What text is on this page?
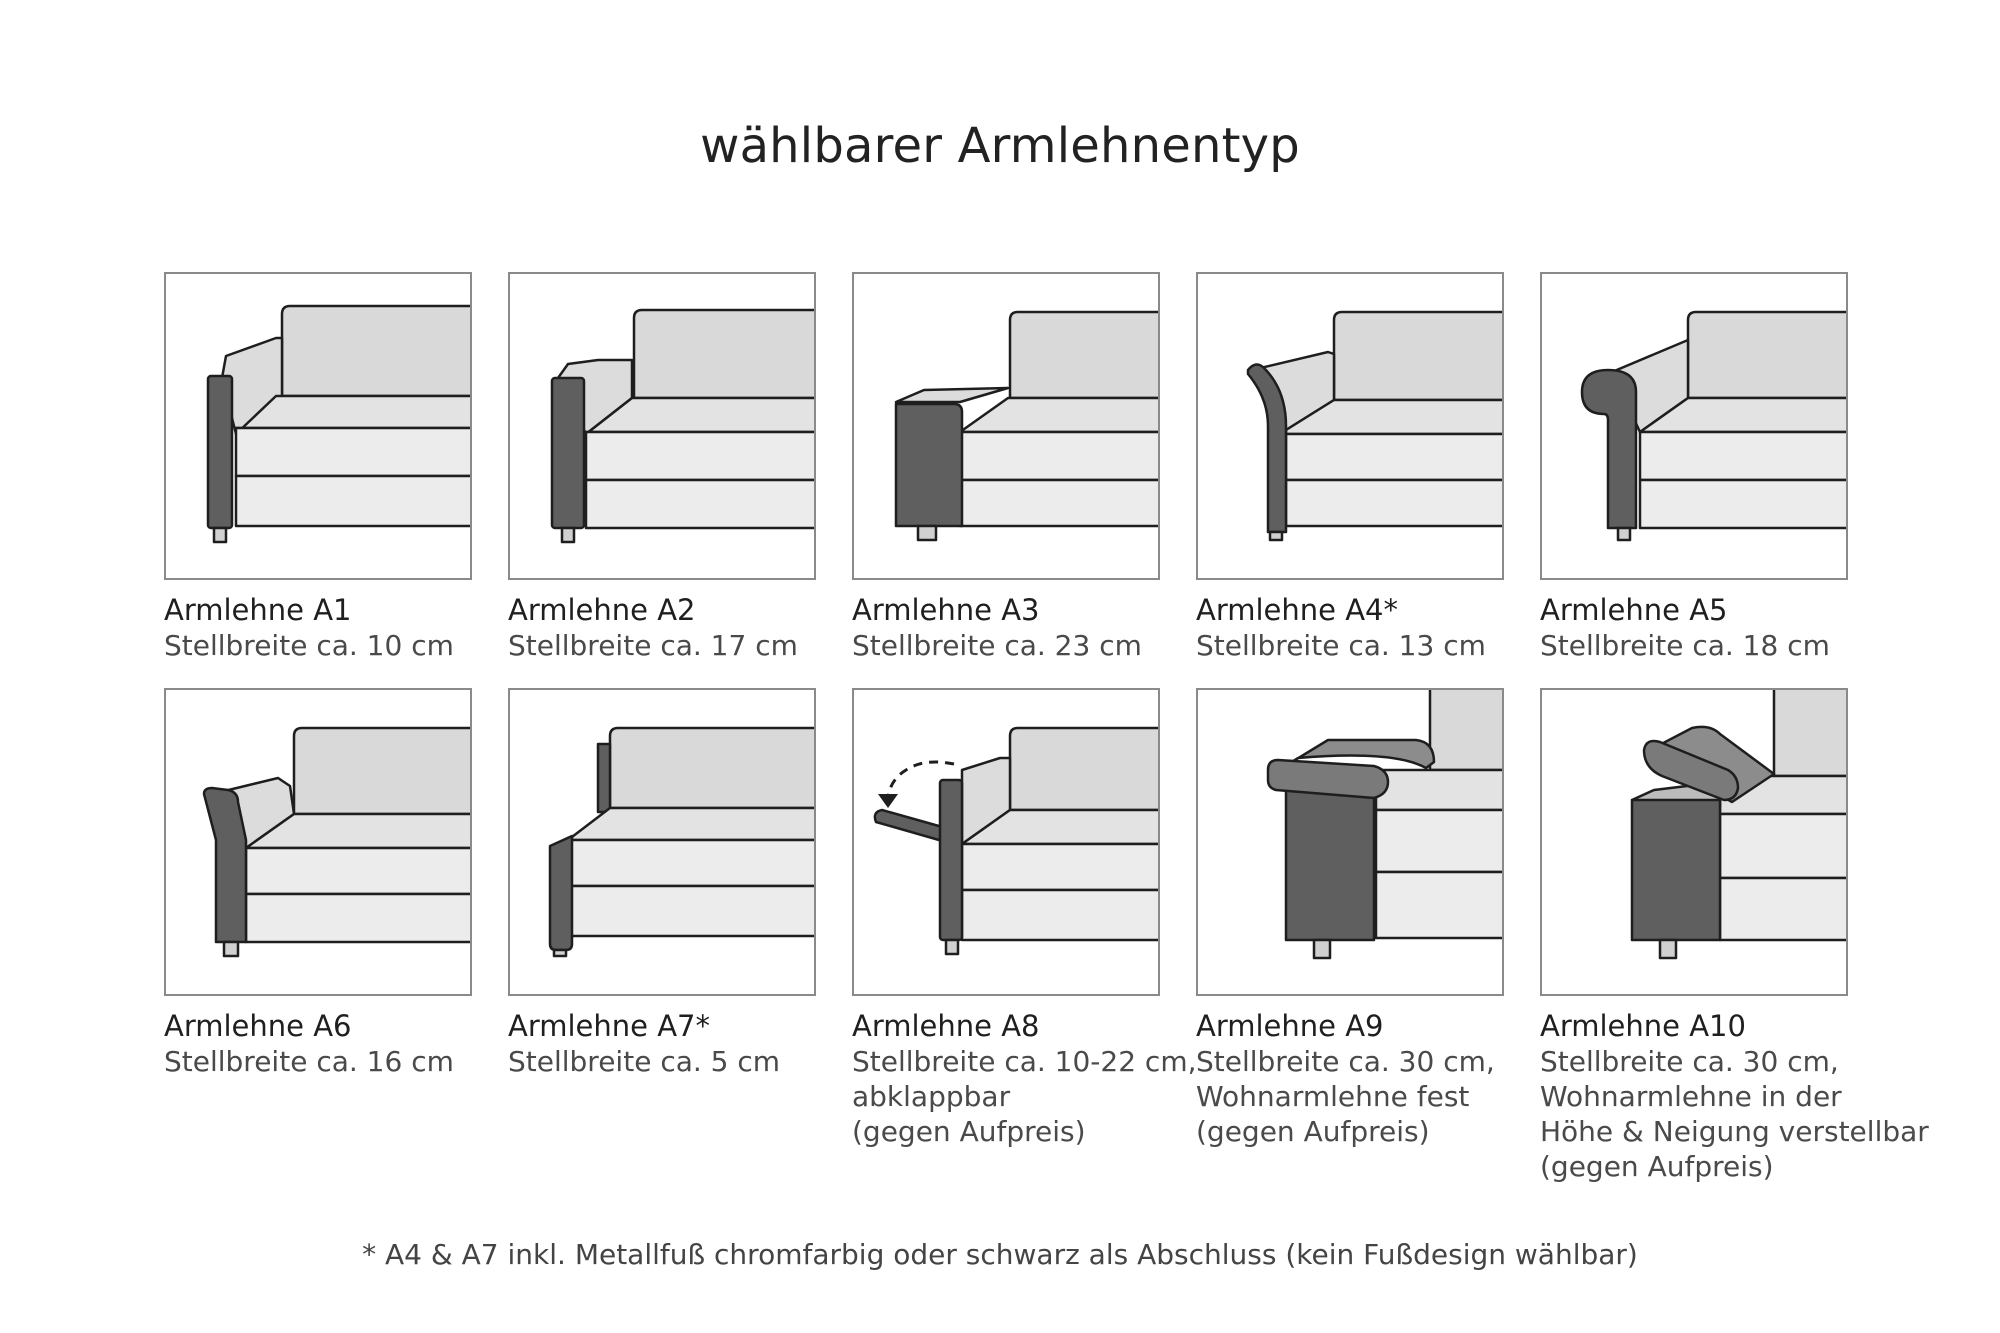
wählbarer Armlehnentyp
Armlehne A1
Stellbreite ca. 10 cm
Armlehne A2
Stellbreite ca. 17 cm
Armlehne A3
Stellbreite ca. 23 cm
Armlehne A4*
Stellbreite ca. 13 cm
Armlehne A5
Stellbreite ca. 18 cm
Armlehne A6
Stellbreite ca. 16 cm
Armlehne A7*
Stellbreite ca. 5 cm
Armlehne A8
Stellbreite ca. 10-22 cm,
abklappbar
(gegen Aufpreis)
Armlehne A9
Stellbreite ca. 30 cm,
Wohnarmlehne fest
(gegen Aufpreis)
Armlehne A10
Stellbreite ca. 30 cm,
Wohnarmlehne in der
Höhe & Neigung verstellbar
(gegen Aufpreis)
* A4 & A7 inkl. Metallfuß chromfarbig oder schwarz als Abschluss (kein Fußdesign wählbar)
